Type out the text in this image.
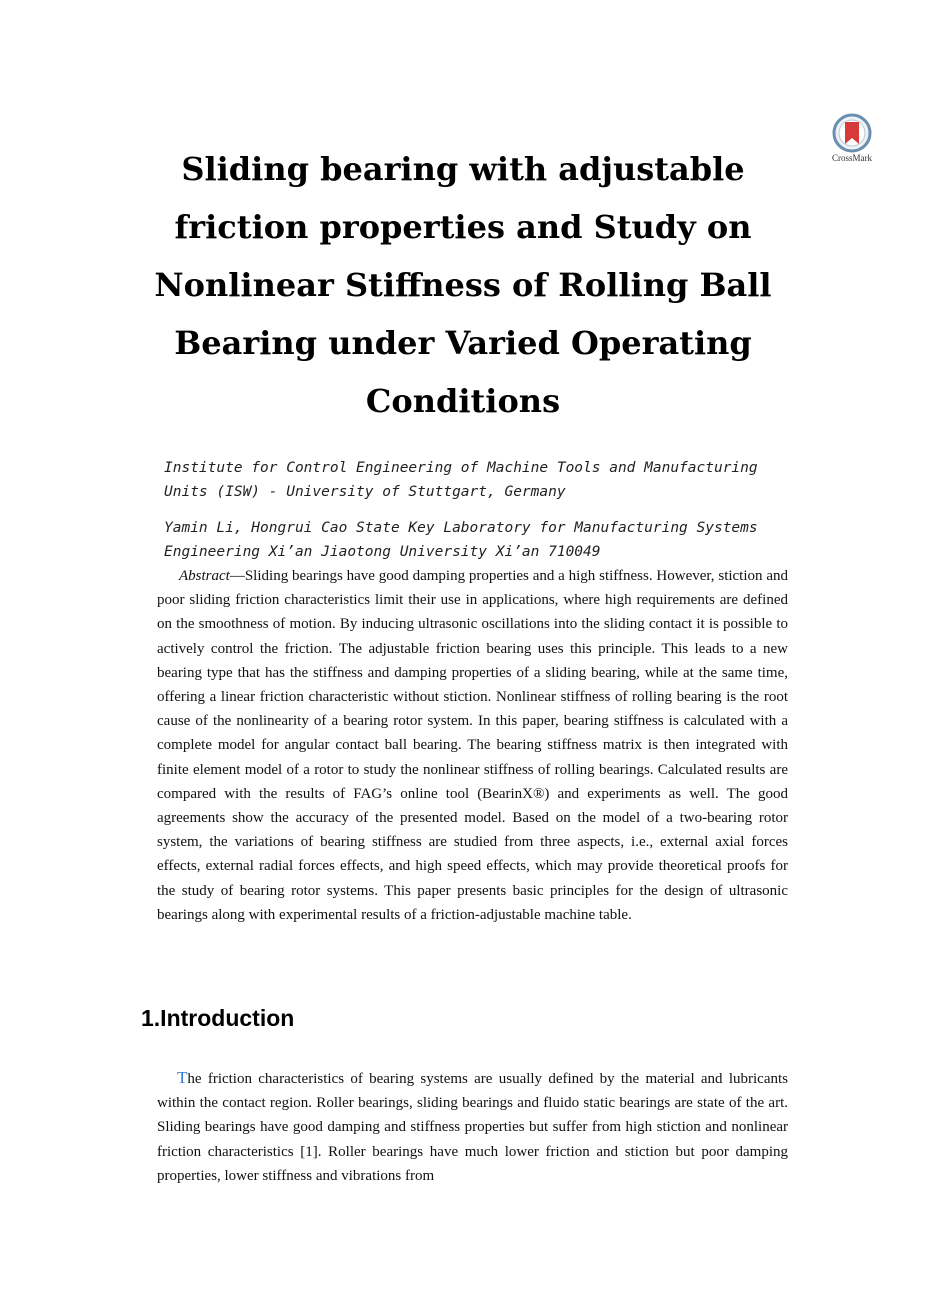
CrossMark
Sliding bearing with adjustable friction properties and Study on Nonlinear Stiffness of Rolling Ball Bearing under Varied Operating Conditions
Institute for Control Engineering of Machine Tools and Manufacturing Units (ISW) - University of Stuttgart, Germany
Yamin Li, Hongrui Cao State Key Laboratory for Manufacturing Systems Engineering Xi’an Jiaotong University Xi’an 710049

Abstract—Sliding bearings have good damping properties and a high stiffness. However, stiction and poor sliding friction characteristics limit their use in applications, where high requirements are defined on the smoothness of motion. By inducing ultrasonic oscillations into the sliding contact it is possible to actively control the friction. The adjustable friction bearing uses this principle. This leads to a new bearing type that has the stiffness and damping properties of a sliding bearing, while at the same time, offering a linear friction characteristic without stiction. Nonlinear stiffness of rolling bearing is the root cause of the nonlinearity of a bearing rotor system. In this paper, bearing stiffness is calculated with a complete model for angular contact ball bearing. The bearing stiffness matrix is then integrated with finite element model of a rotor to study the nonlinear stiffness of rolling bearings. Calculated results are compared with the results of FAG’s online tool (BearinX®) and experiments as well. The good agreements show the accuracy of the presented model. Based on the model of a two-bearing rotor system, the variations of bearing stiffness are studied from three aspects, i.e., external axial forces effects, external radial forces effects, and high speed effects, which may provide theoretical proofs for the study of bearing rotor systems. This paper presents basic principles for the design of ultrasonic bearings along with experimental results of a friction-adjustable machine table.

1.Introduction

The friction characteristics of bearing systems are usually defined by the material and lubricants within the contact region. Roller bearings, sliding bearings and fluido static bearings are state of the art. Sliding bearings have good damping and stiffness properties but suffer from high stiction and nonlinear friction characteristics [1]. Roller bearings have much lower friction and stiction but poor damping properties, lower stiffness and vibrations from
